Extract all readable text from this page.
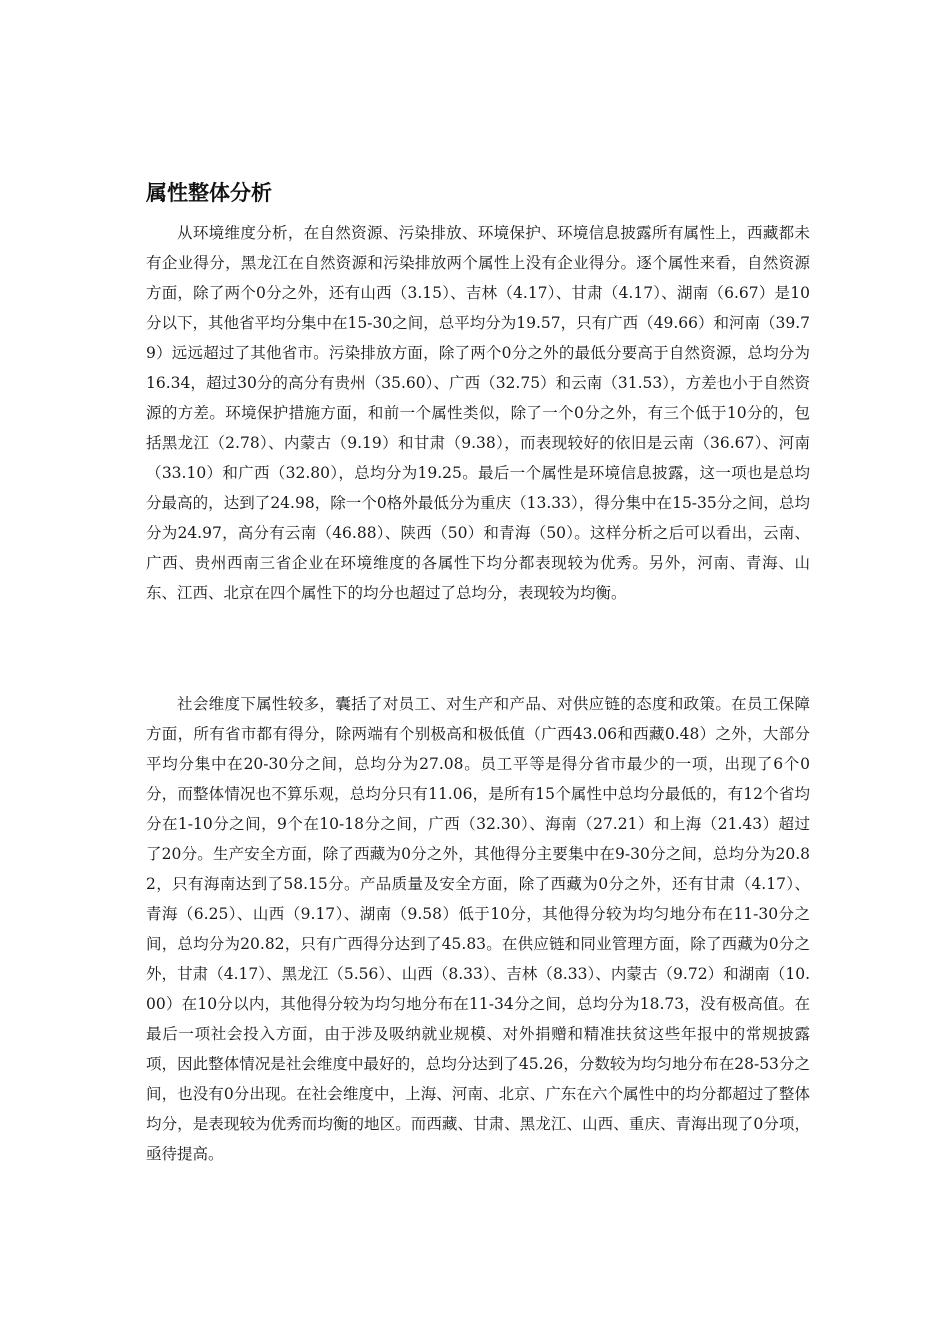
属性整体分析

从环境维度分析，在自然资源、污染排放、环境保护、环境信息披露所有属性上，西藏都未有企业得分，黑龙江在自然资源和污染排放两个属性上没有企业得分。逐个属性来看，自然资源方面，除了两个0分之外，还有山西（3.15）、吉林（4.17）、甘肃（4.17）、湖南（6.67）是10分以下，其他省平均分集中在15-30之间，总平均分为19.57，只有广西（49.66）和河南（39.79）远远超过了其他省市。污染排放方面，除了两个0分之外的最低分要高于自然资源，总均分为16.34，超过30分的高分有贵州（35.60）、广西（32.75）和云南（31.53），方差也小于自然资源的方差。环境保护措施方面，和前一个属性类似，除了一个0分之外，有三个低于10分的，包括黑龙江（2.78）、内蒙古（9.19）和甘肃（9.38），而表现较好的依旧是云南（36.67）、河南（33.10）和广西（32.80），总均分为19.25。最后一个属性是环境信息披露，这一项也是总均分最高的，达到了24.98，除一个0格外最低分为重庆（13.33），得分集中在15-35分之间，总均分为24.97，高分有云南（46.88）、陕西（50）和青海（50）。这样分析之后可以看出，云南、广西、贵州西南三省企业在环境维度的各属性下均分都表现较为优秀。另外，河南、青海、山东、江西、北京在四个属性下的均分也超过了总均分，表现较为均衡。

社会维度下属性较多，囊括了对员工、对生产和产品、对供应链的态度和政策。在员工保障方面，所有省市都有得分，除两端有个别极高和极低值（广西43.06和西藏0.48）之外，大部分平均分集中在20-30分之间，总均分为27.08。员工平等是得分省市最少的一项，出现了6个0分，而整体情况也不算乐观，总均分只有11.06，是所有15个属性中总均分最低的，有12个省均分在1-10分之间，9个在10-18分之间，广西（32.30）、海南（27.21）和上海（21.43）超过了20分。生产安全方面，除了西藏为0分之外，其他得分主要集中在9-30分之间，总均分为20.82，只有海南达到了58.15分。产品质量及安全方面，除了西藏为0分之外，还有甘肃（4.17）、青海（6.25）、山西（9.17）、湖南（9.58）低于10分，其他得分较为均匀地分布在11-30分之间，总均分为20.82，只有广西得分达到了45.83。在供应链和同业管理方面，除了西藏为0分之外，甘肃（4.17）、黑龙江（5.56）、山西（8.33）、吉林（8.33）、内蒙古（9.72）和湖南（10.00）在10分以内，其他得分较为均匀地分布在11-34分之间，总均分为18.73，没有极高值。在最后一项社会投入方面，由于涉及吸纳就业规模、对外捐赠和精准扶贫这些年报中的常规披露项，因此整体情况是社会维度中最好的，总均分达到了45.26，分数较为均匀地分布在28-53分之间，也没有0分出现。在社会维度中，上海、河南、北京、广东在六个属性中的均分都超过了整体均分，是表现较为优秀而均衡的地区。而西藏、甘肃、黑龙江、山西、重庆、青海出现了0分项，亟待提高。
